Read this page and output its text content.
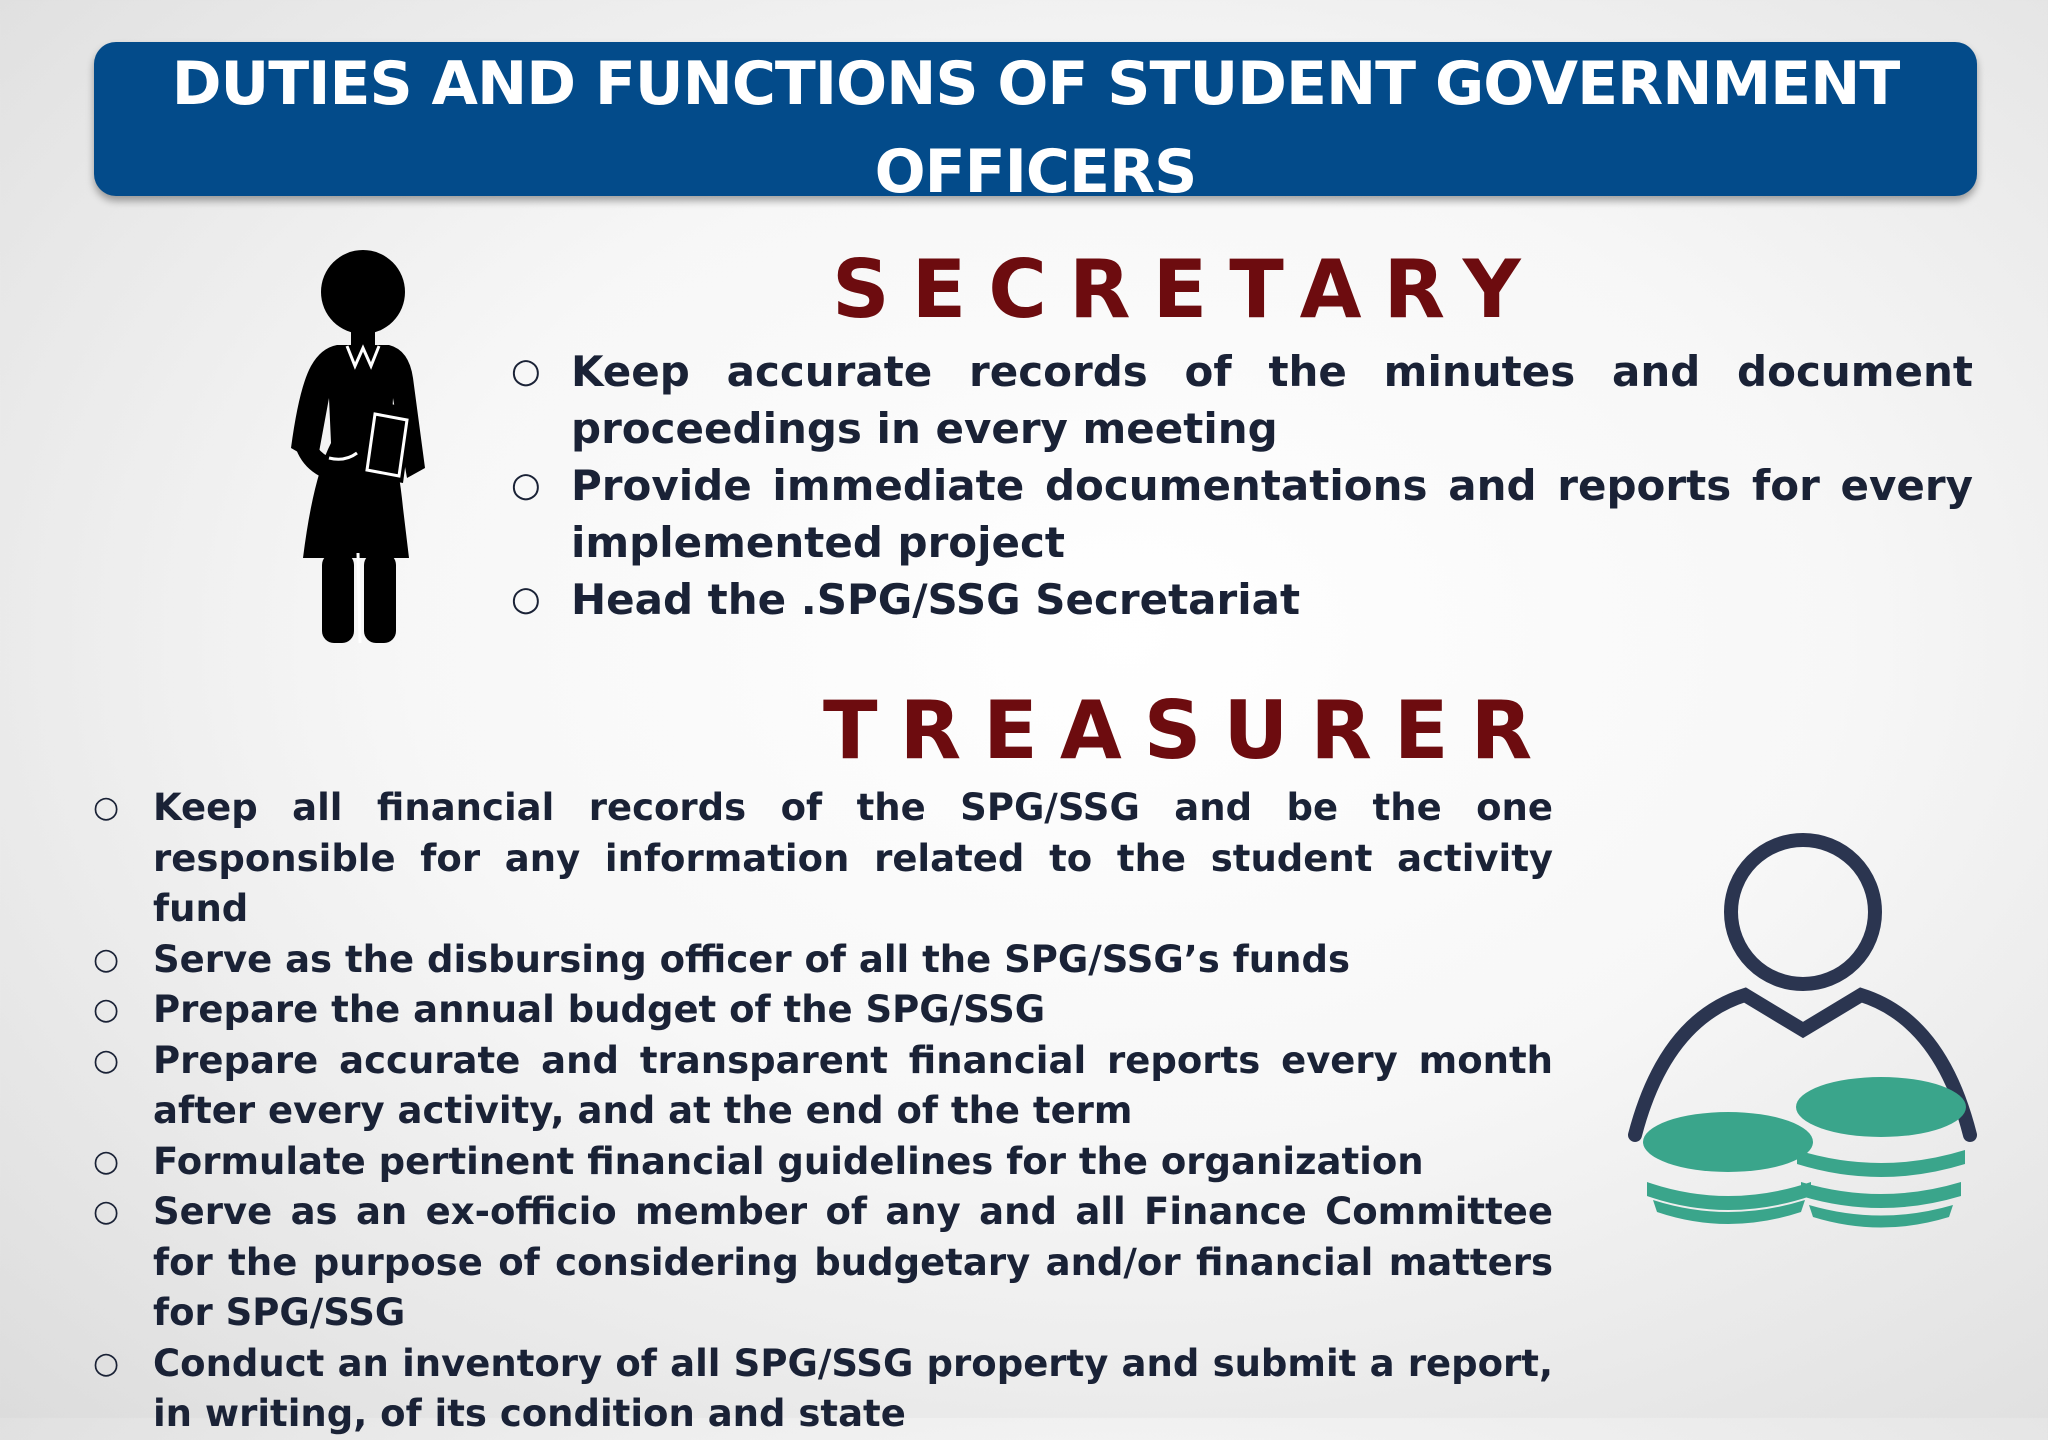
DUTIES AND FUNCTIONS OF STUDENT GOVERNMENT OFFICERS
SECRETARY
○ Keep accurate records of the minutes and document proceedings in every meeting
○ Provide immediate documentations and reports for every implemented project
○ Head the .SPG/SSG Secretariat
TREASURER
○ Keep all financial records of the SPG/SSG and be the one responsible for any information related to the student activity fund
○ Serve as the disbursing officer of all the SPG/SSG’s funds
○ Prepare the annual budget of the SPG/SSG
○ Prepare accurate and transparent financial reports every month after every activity, and at the end of the term
○ Formulate pertinent financial guidelines for the organization
○ Serve as an ex-officio member of any and all Finance Committee for the purpose of considering budgetary and/or financial matters for SPG/SSG
○ Conduct an inventory of all SPG/SSG property and submit a report, in writing, of its condition and state
